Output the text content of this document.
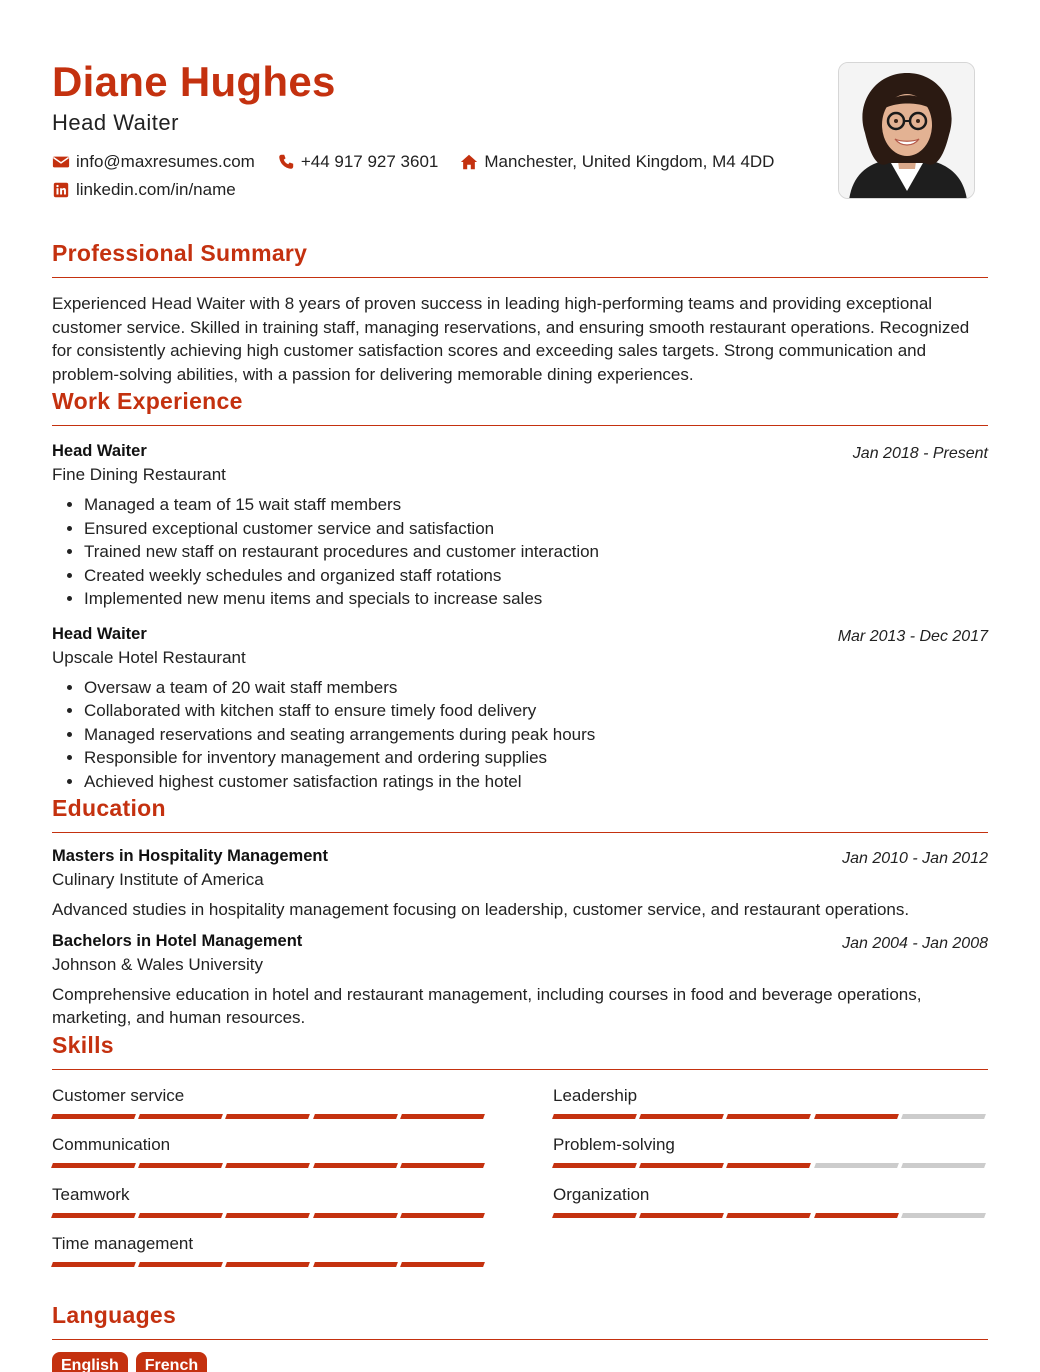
Diane Hughes
Head Waiter
info@maxresumes.com	+44 917 927 3601	Manchester, United Kingdom, M4 4DD
linkedin.com/in/name
Professional Summary
Experienced Head Waiter with 8 years of proven success in leading high-performing teams and providing exceptional customer service. Skilled in training staff, managing reservations, and ensuring smooth restaurant operations. Recognized for consistently achieving high customer satisfaction scores and exceeding sales targets. Strong communication and problem-solving abilities, with a passion for delivering memorable dining experiences.
Work Experience
Head Waiter
Fine Dining Restaurant
Jan 2018 - Present
• Managed a team of 15 wait staff members
• Ensured exceptional customer service and satisfaction
• Trained new staff on restaurant procedures and customer interaction
• Created weekly schedules and organized staff rotations
• Implemented new menu items and specials to increase sales
Head Waiter
Upscale Hotel Restaurant
Mar 2013 - Dec 2017
• Oversaw a team of 20 wait staff members
• Collaborated with kitchen staff to ensure timely food delivery
• Managed reservations and seating arrangements during peak hours
• Responsible for inventory management and ordering supplies
• Achieved highest customer satisfaction ratings in the hotel
Education
Masters in Hospitality Management
Culinary Institute of America
Jan 2010 - Jan 2012
Advanced studies in hospitality management focusing on leadership, customer service, and restaurant operations.
Bachelors in Hotel Management
Johnson & Wales University
Jan 2004 - Jan 2008
Comprehensive education in hotel and restaurant management, including courses in food and beverage operations, marketing, and human resources.
Skills
Customer service	Leadership
Communication	Problem-solving
Teamwork	Organization
Time management
Languages
English	French
